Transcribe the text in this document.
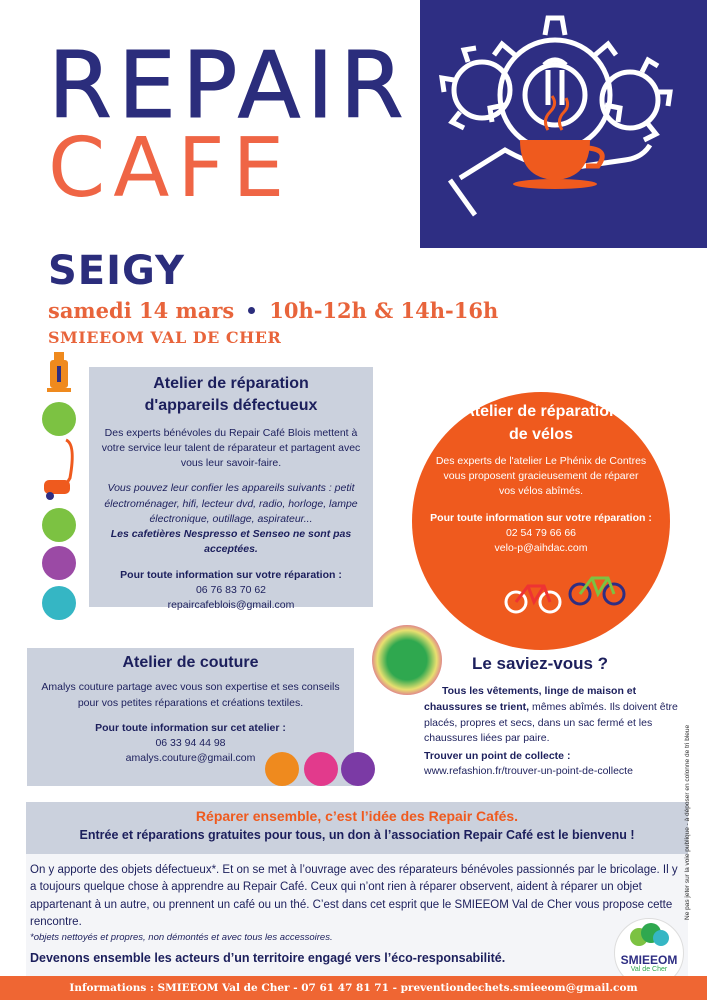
REPAIR
CAFE
SEIGY
samedi 14 mars 10h-12h & 14h-16h
SMIEEOM VAL DE CHER
Atelier de réparation
d'appareils défectueux

Des experts bénévoles du Repair Café Blois mettent à votre service leur talent de réparateur et partagent avec vous leur savoir-faire.

Vous pouvez leur confier les appareils suivants : petit électroménager, hifi, lecteur dvd, radio, horloge, lampe électronique, outillage, aspirateur...

Les cafetières Nespresso et Senseo ne sont pas acceptées.

Pour toute information sur votre réparation :

06 76 83 70 62

repaircafeblois@gmail.com

Atelier de réparation
de vélos

Des experts de l'atelier Le Phénix de Contres vous proposent gracieusement de réparer vos vélos abîmés.

Pour toute information sur votre réparation :

02 54 79 66 66

velo-p@aihdac.com

Atelier de couture

Amalys couture partage avec vous son expertise et ses conseils pour vos petites réparations et créations textiles.

Pour toute information sur cet atelier :

06 33 94 44 98

amalys.couture@gmail.com

Le saviez-vous ?

Tous les vêtements, linge de maison et chaussures se trient, mêmes abîmés. Ils doivent être placés, propres et secs, dans un sac fermé et les chaussures liées par paire.

Trouver un point de collecte :

www.refashion.fr/trouver-un-point-de-collecte

Réparer ensemble, c’est l’idée des Repair Cafés.
Entrée et réparations gratuites pour tous, un don à l’association Repair Café est le bienvenu !

On y apporte des objets défectueux*. Et on se met à l’ouvrage avec des réparateurs bénévoles passionnés par le bricolage. Il y a toujours quelque chose à apprendre au Repair Café. Ceux qui n’ont rien à réparer observent, aident à réparer un objet appartenant à un autre, ou prennent un café ou un thé. C’est dans cet esprit que le SMIEEOM Val de Cher vous propose cette rencontre.

*objets nettoyés et propres, non démontés et avec tous les accessoires.

Devenons ensemble les acteurs d’un territoire engagé vers l’éco-responsabilité.	SMIEEOM
Val de Cher
Ne pas jeter sur la voie publique - à déposer en colonne de tri bleue
Informations : SMIEEOM Val de Cher - 07 61 47 81 71 - preventiondechets.smieeom@gmail.com
